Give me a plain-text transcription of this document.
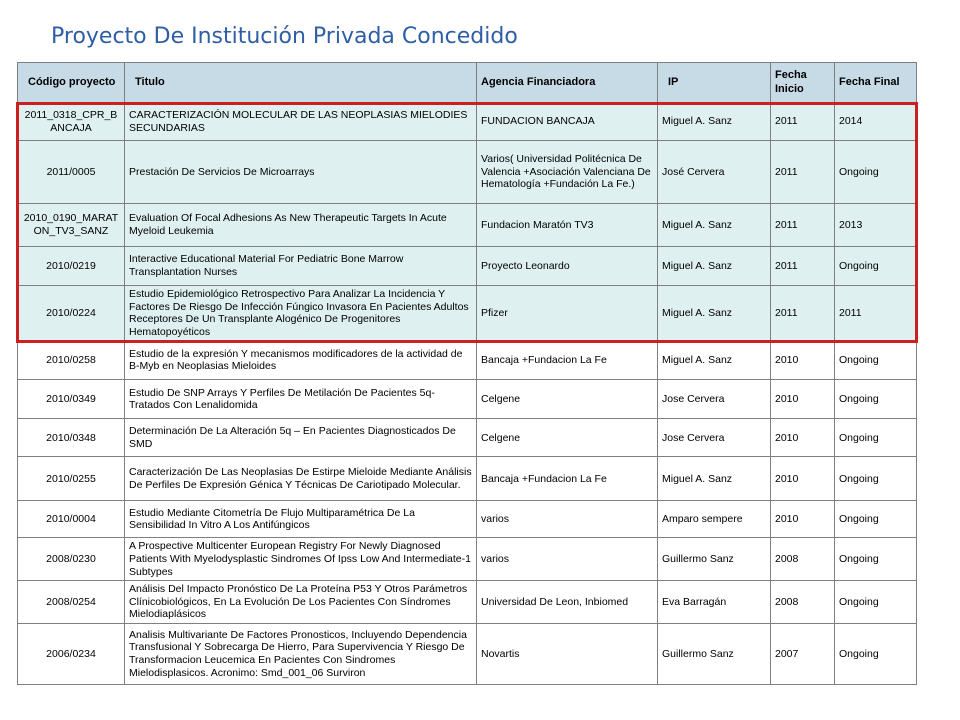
Proyecto De Institución Privada Concedido
Código proyecto	Titulo	Agencia Financiadora	IP	Fecha Inicio	Fecha Final

2011_0318_CPR_BANCAJA	CARACTERIZACIÓN MOLECULAR DE LAS NEOPLASIAS MIELODIES SECUNDARIAS	FUNDACION BANCAJA	Miguel A. Sanz	2011	2014

2011/0005	Prestación De Servicios De Microarrays	Varios( Universidad Politécnica De Valencia +Asociación Valenciana De Hematología +Fundación La Fe.)	José Cervera	2011	Ongoing

2010_0190_MARATON_TV3_SANZ	Evaluation Of Focal Adhesions As New Therapeutic Targets In Acute Myeloid Leukemia	Fundacion Maratón TV3	Miguel A. Sanz	2011	2013

2010/0219	Interactive Educational Material For Pediatric Bone Marrow Transplantation Nurses	Proyecto Leonardo	Miguel A. Sanz	2011	Ongoing

2010/0224	Estudio Epidemiológico Retrospectivo Para Analizar La Incidencia Y Factores De Riesgo De Infección Fúngico Invasora En Pacientes Adultos Receptores De Un Transplante Alogénico De Progenitores Hematopoyéticos	Pfizer	Miguel A. Sanz	2011	2011

2010/0258	Estudio de la expresión Y mecanismos modificadores de la actividad de B-Myb en Neoplasias Mieloides	Bancaja +Fundacion La Fe	Miguel A. Sanz	2010	Ongoing

2010/0349	Estudio De SNP Arrays Y Perfiles De Metilación De Pacientes 5q- Tratados Con Lenalidomida	Celgene	Jose Cervera	2010	Ongoing

2010/0348	Determinación De La Alteración 5q – En Pacientes Diagnosticados De SMD	Celgene	Jose Cervera	2010	Ongoing

2010/0255	Caracterización De Las Neoplasias De Estirpe Mieloide Mediante Análisis De Perfiles De Expresión Génica Y Técnicas De Cariotipado Molecular.	Bancaja +Fundacion La Fe	Miguel A. Sanz	2010	Ongoing

2010/0004	Estudio Mediante Citometría De Flujo Multiparamétrica De La Sensibilidad In Vitro A Los Antifúngicos	varios	Amparo sempere	2010	Ongoing

2008/0230	A Prospective Multicenter European Registry For Newly Diagnosed Patients With Myelodysplastic Sindromes Of Ipss Low And Intermediate-1 Subtypes	varios	Guillermo Sanz	2008	Ongoing

2008/0254	Análisis Del Impacto Pronóstico De La Proteína P53 Y Otros Parámetros Clínicobiológicos, En La Evolución De Los Pacientes Con Síndromes Mielodiaplásicos	Universidad De Leon, Inbiomed	Eva Barragán	2008	Ongoing

2006/0234	Analisis Multivariante De Factores Pronosticos, Incluyendo Dependencia Transfusional Y Sobrecarga De Hierro, Para Supervivencia Y Riesgo De Transformacion Leucemica En Pacientes Con Sindromes Mielodisplasicos. Acronimo: Smd_001_06 Surviron	Novartis	Guillermo Sanz	2007	Ongoing
